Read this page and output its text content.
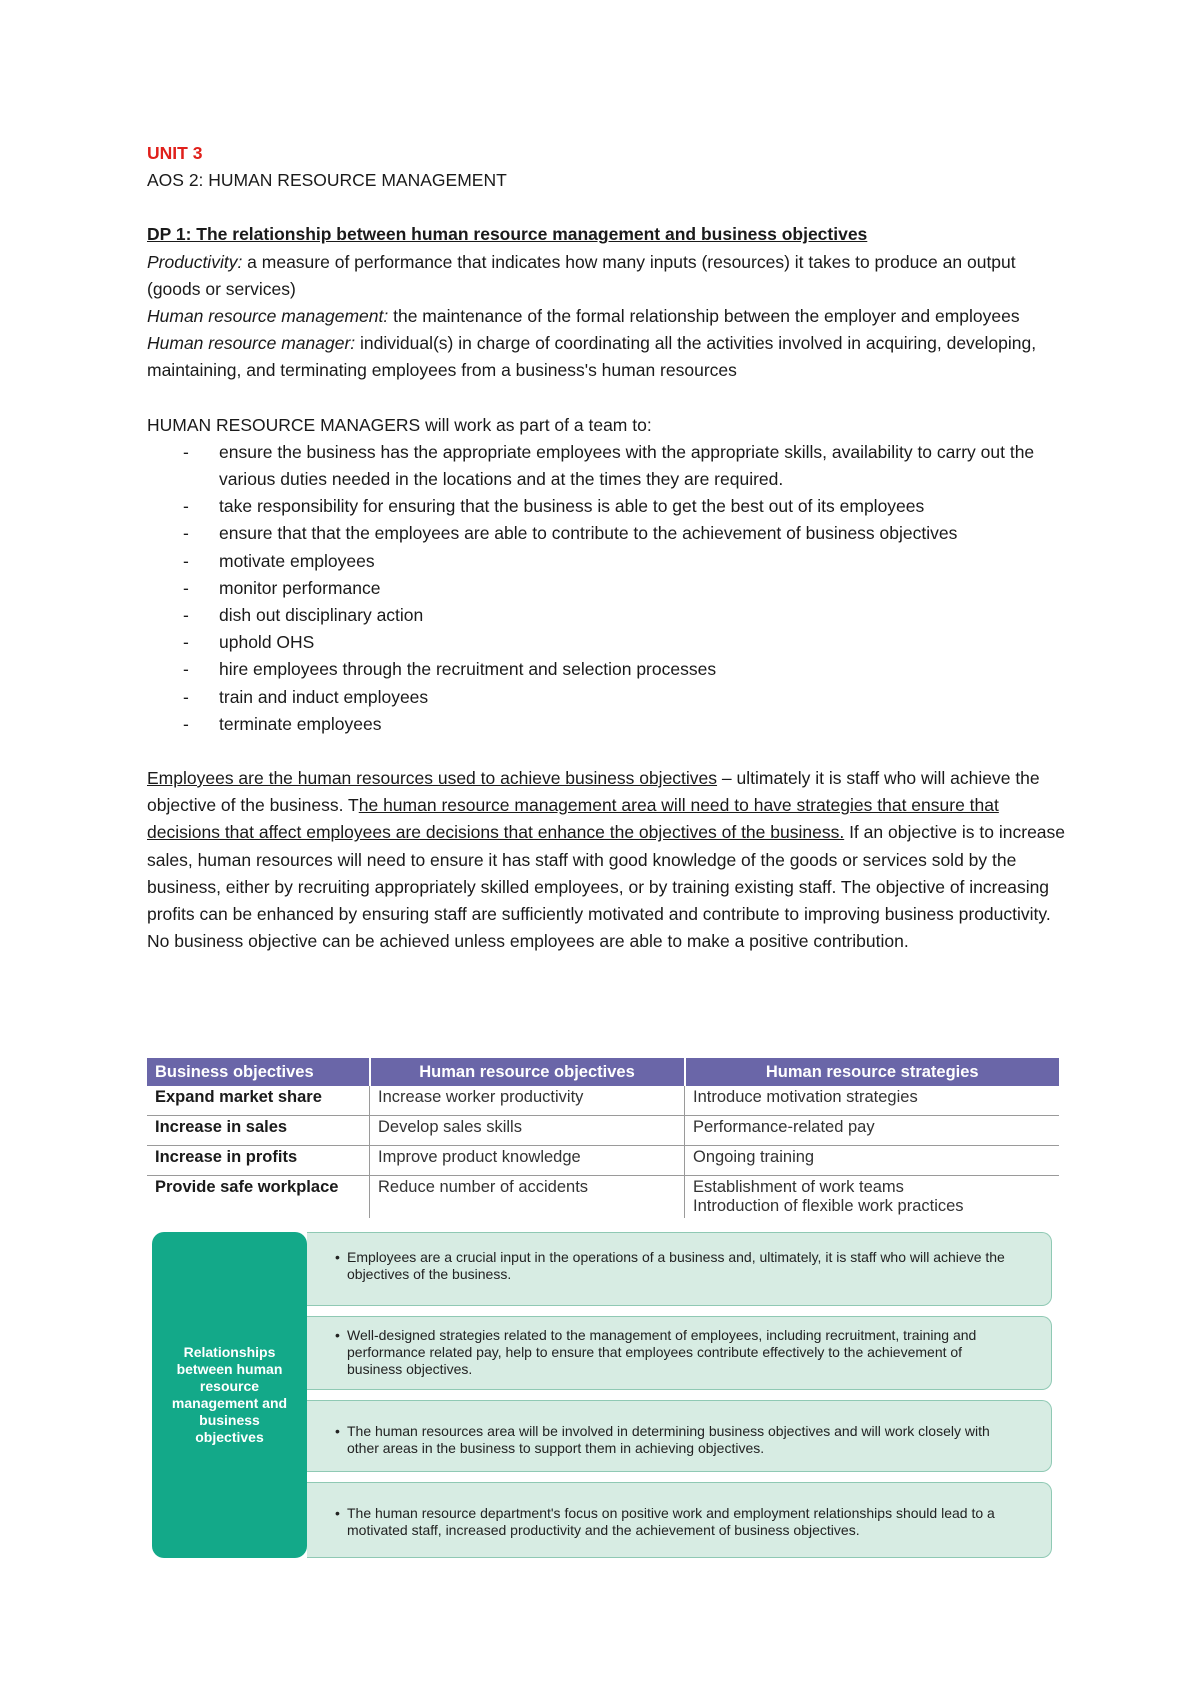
UNIT 3
AOS 2: HUMAN RESOURCE MANAGEMENT
DP 1: The relationship between human resource management and business objectives
Productivity: a measure of performance that indicates how many inputs (resources) it takes to produce an output (goods or services)
Human resource management: the maintenance of the formal relationship between the employer and employees
Human resource manager: individual(s) in charge of coordinating all the activities involved in acquiring, developing, maintaining, and terminating employees from a business's human resources
HUMAN RESOURCE MANAGERS will work as part of a team to:
- ensure the business has the appropriate employees with the appropriate skills, availability to carry out the various duties needed in the locations and at the times they are required.
- take responsibility for ensuring that the business is able to get the best out of its employees
- ensure that that the employees are able to contribute to the achievement of business objectives
- motivate employees
- monitor performance
- dish out disciplinary action
- uphold OHS
- hire employees through the recruitment and selection processes
- train and induct employees
- terminate employees
Employees are the human resources used to achieve business objectives – ultimately it is staff who will achieve the objective of the business. The human resource management area will need to have strategies that ensure that decisions that affect employees are decisions that enhance the objectives of the business. If an objective is to increase sales, human resources will need to ensure it has staff with good knowledge of the goods or services sold by the business, either by recruiting appropriately skilled employees, or by training existing staff. The objective of increasing profits can be enhanced by ensuring staff are sufficiently motivated and contribute to improving business productivity. No business objective can be achieved unless employees are able to make a positive contribution.
Business objectives	Human resource objectives	Human resource strategies
Expand market share	Increase worker productivity	Introduce motivation strategies
Increase in sales	Develop sales skills	Performance-related pay
Increase in profits	Improve product knowledge	Ongoing training
Provide safe workplace	Reduce number of accidents	Establishment of work teams
Introduction of flexible work practices
Relationships between human resource management and business objectives
• Employees are a crucial input in the operations of a business and, ultimately, it is staff who will achieve the objectives of the business.
• Well-designed strategies related to the management of employees, including recruitment, training and performance related pay, help to ensure that employees contribute effectively to the achievement of business objectives.
• The human resources area will be involved in determining business objectives and will work closely with other areas in the business to support them in achieving objectives.
• The human resource department's focus on positive work and employment relationships should lead to a motivated staff, increased productivity and the achievement of business objectives.
